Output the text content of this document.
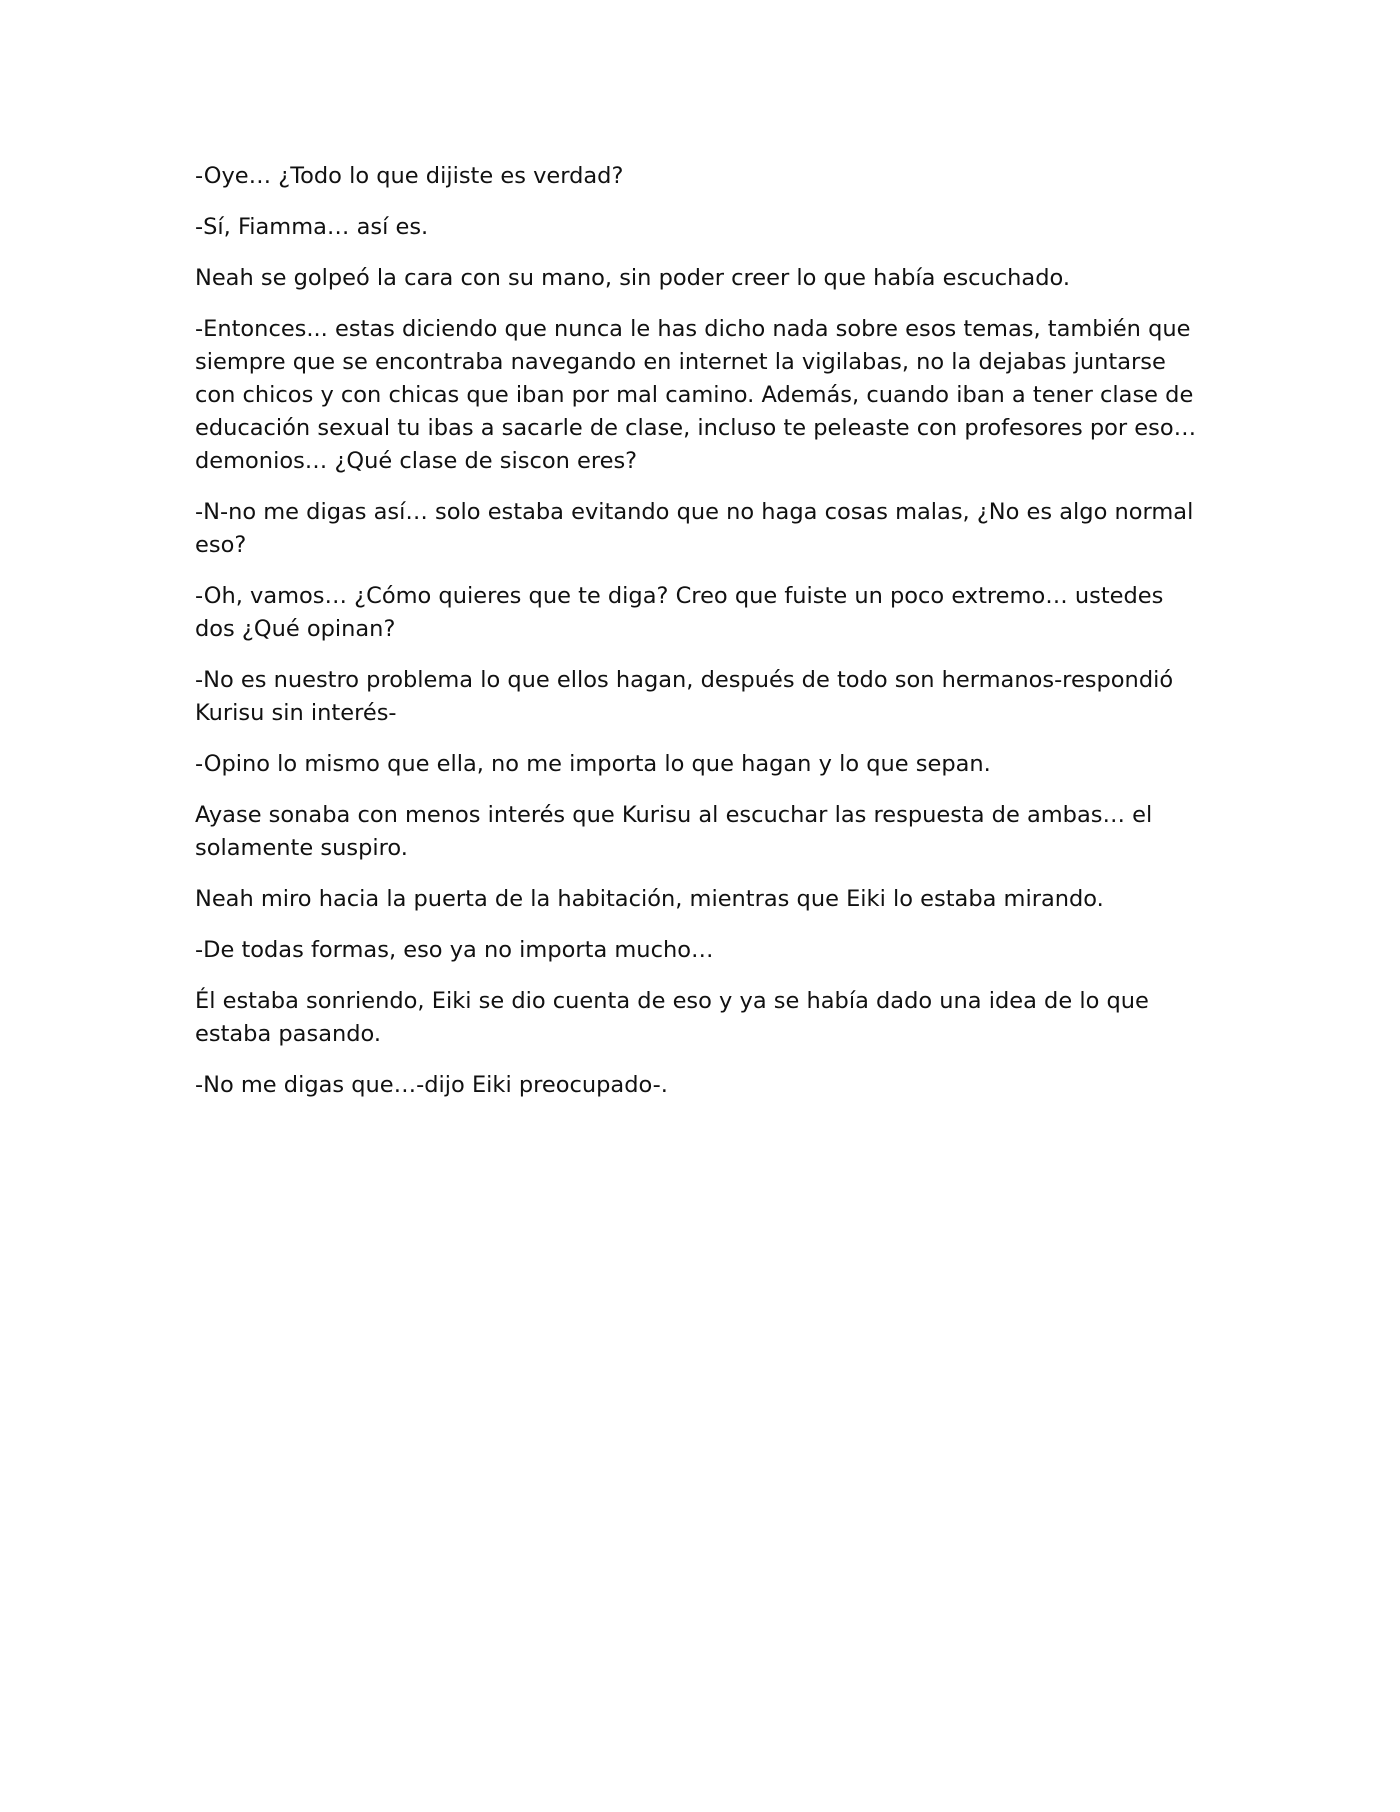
-Oye… ¿Todo lo que dijiste es verdad?

-Sí, Fiamma… así es.

Neah se golpeó la cara con su mano, sin poder creer lo que había escuchado.

-Entonces... estas diciendo que nunca le has dicho nada sobre esos temas, también que siempre que se encontraba navegando en internet la vigilabas, no la dejabas juntarse con chicos y con chicas que iban por mal camino. Además, cuando iban a tener clase de educación sexual tu ibas a sacarle de clase, incluso te peleaste con profesores por eso… demonios… ¿Qué clase de siscon eres?

-N-no me digas así… solo estaba evitando que no haga cosas malas, ¿No es algo normal eso?

-Oh, vamos… ¿Cómo quieres que te diga? Creo que fuiste un poco extremo… ustedes dos ¿Qué opinan?

-No es nuestro problema lo que ellos hagan, después de todo son hermanos-respondió Kurisu sin interés-

-Opino lo mismo que ella, no me importa lo que hagan y lo que sepan.

Ayase sonaba con menos interés que Kurisu al escuchar las respuesta de ambas… el solamente suspiro.

Neah miro hacia la puerta de la habitación, mientras que Eiki lo estaba mirando.

-De todas formas, eso ya no importa mucho…

Él estaba sonriendo, Eiki se dio cuenta de eso y ya se había dado una idea de lo que estaba pasando.

-No me digas que…-dijo Eiki preocupado-.
